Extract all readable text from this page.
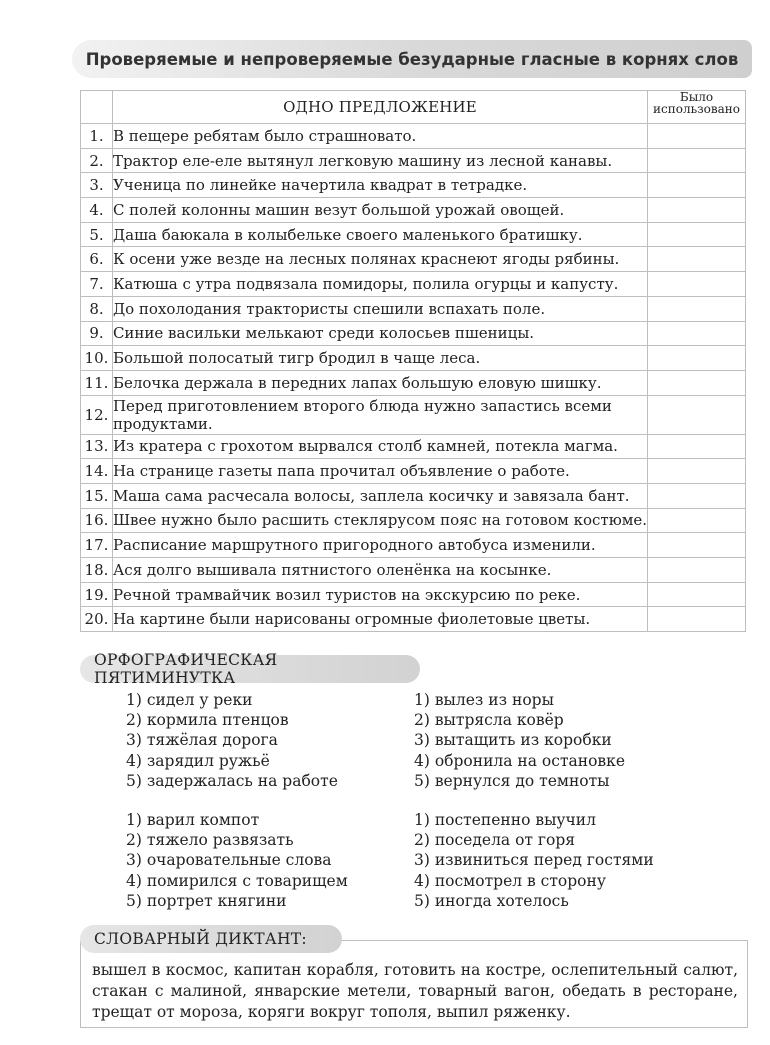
Проверяемые и непроверяемые безударные гласные в корнях слов
	ОДНО ПРЕДЛОЖЕНИЕ	Было использовано
1.	В пещере ребятам было страшновато.	
2.	Трактор еле-еле вытянул легковую машину из лесной канавы.	
3.	Ученица по линейке начертила квадрат в тетрадке.	
4.	С полей колонны машин везут большой урожай овощей.	
5.	Даша баюкала в колыбельке своего маленького братишку.	
6.	К осени уже везде на лесных полянах краснеют ягоды рябины.	
7.	Катюша с утра подвязала помидоры, полила огурцы и капусту.	
8.	До похолодания трактористы спешили вспахать поле.	
9.	Синие васильки мелькают среди колосьев пшеницы.	
10.	Большой полосатый тигр бродил в чаще леса.	
11.	Белочка держала в передних лапах большую еловую шишку.	
12.	Перед приготовлением второго блюда нужно запастись всеми продуктами.	
13.	Из кратера с грохотом вырвался столб камней, потекла магма.	
14.	На странице газеты папа прочитал объявление о работе.	
15.	Маша сама расчесала волосы, заплела косичку и завязала бант.	
16.	Швее нужно было расшить стеклярусом пояс на готовом костюме.	
17.	Расписание маршрутного пригородного автобуса изменили.	
18.	Ася долго вышивала пятнистого оленёнка на косынке.	
19.	Речной трамвайчик возил туристов на экскурсию по реке.	
20.	На картине были нарисованы огромные фиолетовые цветы.	
ОРФОГРАФИЧЕСКАЯ ПЯТИМИНУТКА
1) сидел у реки
2) кормила птенцов
3) тяжёлая дорога
4) зарядил ружьё
5) задержалась на работе
1) вылез из норы
2) вытрясла ковёр
3) вытащить из коробки
4) обронила на остановке
5) вернулся до темноты
1) варил компот
2) тяжело развязать
3) очаровательные слова
4) помирился с товарищем
5) портрет княгини
1) постепенно выучил
2) поседела от горя
3) извиниться перед гостями
4) посмотрел в сторону
5) иногда хотелось
СЛОВАРНЫЙ ДИКТАНТ:
вышел в космос, капитан корабля, готовить на костре, ослепительный салют, стакан с малиной, январские метели, товарный вагон, обедать в ресторане, трещат от мороза, коряги вокруг тополя, выпил ряженку.
